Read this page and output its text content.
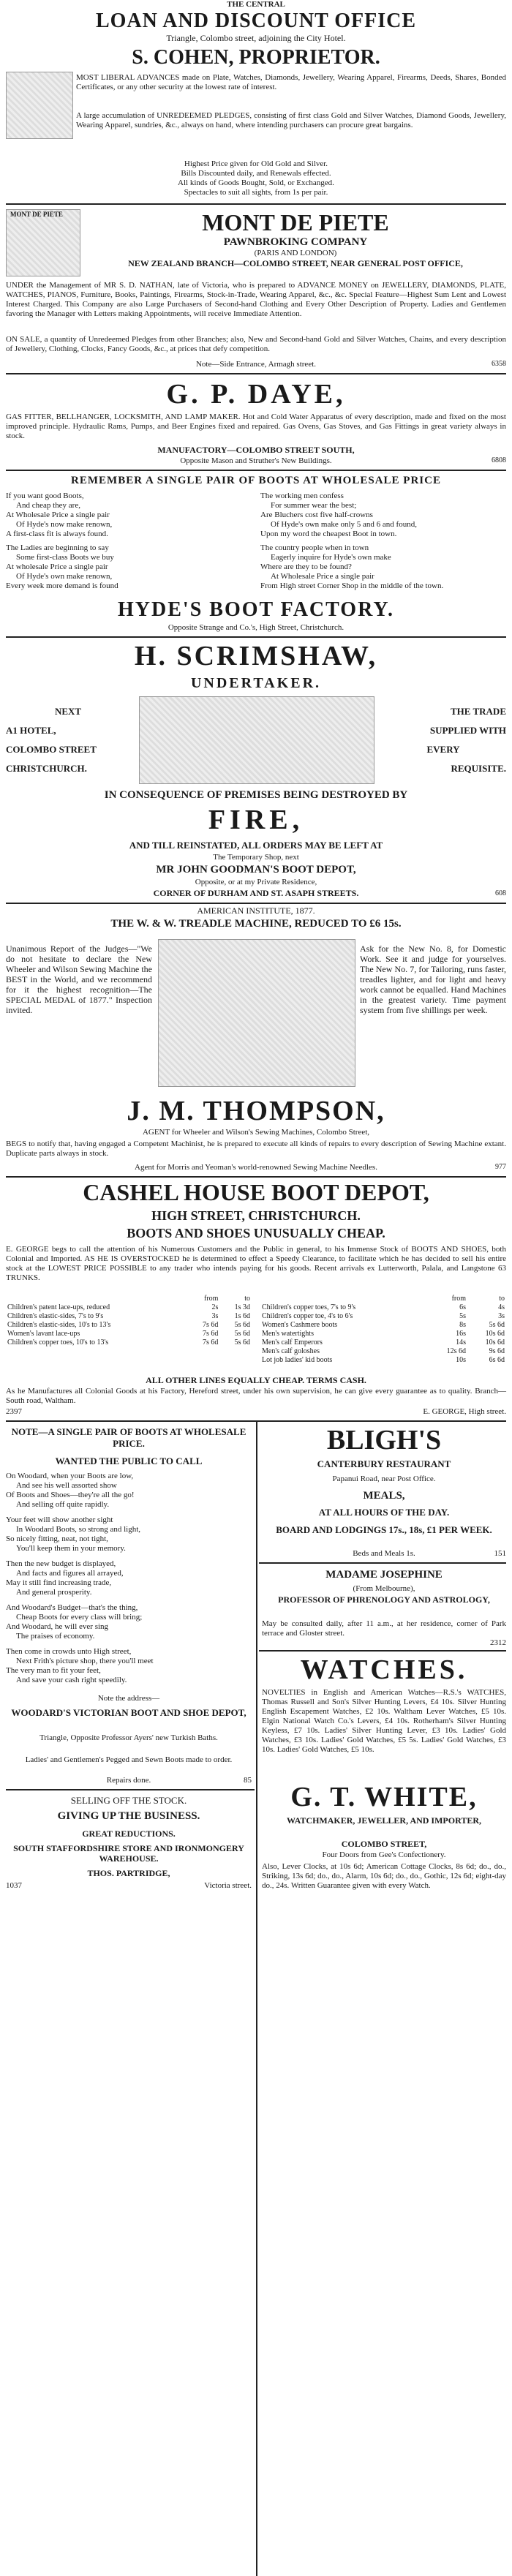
THE CENTRAL
LOAN AND DISCOUNT OFFICE
Triangle, Colombo street, adjoining the City Hotel.
S. COHEN, PROPRIETOR.
MOST LIBERAL ADVANCES made on Plate, Watches, Diamonds, Jewellery, Wearing Apparel, Firearms, Deeds, Shares, Bonded Certificates, or any other security at the lowest rate of interest.
A large accumulation of UNREDEEMED PLEDGES, consisting of first class Gold and Silver Watches, Diamond Goods, Jewellery, Wearing Apparel, sundries, &c., always on hand, where intending purchasers can procure great bargains.
Highest Price given for Old Gold and Silver.
Bills Discounted daily, and Renewals effected.
All kinds of Goods Bought, Sold, or Exchanged.
Spectacles to suit all sights, from 1s per pair.
MONT DE PIETE	MONT DE PIETE
PAWNBROKING COMPANY
(PARIS AND LONDON)
NEW ZEALAND BRANCH—COLOMBO STREET, NEAR GENERAL POST OFFICE,
UNDER the Management of MR S. D. NATHAN, late of Victoria, who is prepared to ADVANCE MONEY on JEWELLERY, DIAMONDS, PLATE, WATCHES, PIANOS, Furniture, Books, Paintings, Firearms, Stock-in-Trade, Wearing Apparel, &c., &c. Special Feature—Highest Sum Lent and Lowest Interest Charged. This Company are also Large Purchasers of Second-hand Clothing and Every Other Description of Property. Ladies and Gentlemen favoring the Manager with Letters making Appointments, will receive Immediate Attention.
ON SALE, a quantity of Unredeemed Pledges from other Branches; also, New and Second-hand Gold and Silver Watches, Chains, and every description of Jewellery, Clothing, Clocks, Fancy Goods, &c., at prices that defy competition.
Note—Side Entrance, Armagh street.	6358
G. P. DAYE,
GAS FITTER, BELLHANGER, LOCKSMITH, AND LAMP MAKER. Hot and Cold Water Apparatus of every description, made and fixed on the most improved principle. Hydraulic Rams, Pumps, and Beer Engines fixed and repaired. Gas Ovens, Gas Stoves, and Gas Fittings in great variety always in stock.
MANUFACTORY—COLOMBO STREET SOUTH,
Opposite Mason and Struther's New Buildings.	6808
REMEMBER A SINGLE PAIR OF BOOTS AT WHOLESALE PRICE
If you want good Boots,
And cheap they are,
At Wholesale Price a single pair
Of Hyde's now make renown,
A first-class fit is always found.
The Ladies are beginning to say
Some first-class Boots we buy
At wholesale Price a single pair
Of Hyde's own make renown,
Every week more demand is found
The working men confess
For summer wear the best;
Are Bluchers cost five half-crowns
Of Hyde's own make only 5 and 6 and found,
Upon my word the cheapest Boot in town.
The country people when in town
Eagerly inquire for Hyde's own make
Where are they to be found?
At Wholesale Price a single pair
From High street Corner Shop in the middle of the town.
HYDE'S BOOT FACTORY.
Opposite Strange and Co.'s, High Street, Christchurch.
H. SCRIMSHAW,
UNDERTAKER.
NEXT
A1 HOTEL,
COLOMBO STREET
CHRISTCHURCH.
THE TRADE
SUPPLIED WITH
EVERY
REQUISITE.
IN CONSEQUENCE OF PREMISES BEING DESTROYED BY
FIRE,
AND TILL REINSTATED, ALL ORDERS MAY BE LEFT AT
The Temporary Shop, next
MR JOHN GOODMAN'S BOOT DEPOT,
Opposite, or at my Private Residence,
CORNER OF DURHAM AND ST. ASAPH STREETS.	608
AMERICAN INSTITUTE, 1877.
THE W. & W. TREADLE MACHINE, REDUCED TO £6 15s.
Unanimous Report of the Judges—"We do not hesitate to declare the New Wheeler and Wilson Sewing Machine the BEST in the World, and we recommend for it the highest recognition—The SPECIAL MEDAL of 1877." Inspection invited.
Ask for the New No. 8, for Domestic Work. See it and judge for yourselves. The New No. 7, for Tailoring, runs faster, treadles lighter, and for light and heavy work cannot be equalled. Hand Machines in the greatest variety. Time payment system from five shillings per week.
J. M. THOMPSON,
AGENT for Wheeler and Wilson's Sewing Machines, Colombo Street,
BEGS to notify that, having engaged a Competent Machinist, he is prepared to execute all kinds of repairs to every description of Sewing Machine extant. Duplicate parts always in stock.
Agent for Morris and Yeoman's world-renowned Sewing Machine Needles.	977
CASHEL HOUSE BOOT DEPOT,
HIGH STREET, CHRISTCHURCH.
BOOTS AND SHOES UNUSUALLY CHEAP.
E. GEORGE begs to call the attention of his Numerous Customers and the Public in general, to his Immense Stock of BOOTS AND SHOES, both Colonial and Imported. AS HE IS OVERSTOCKED he is determined to effect a Speedy Clearance, to facilitate which he has decided to sell his entire stock at the LOWEST PRICE POSSIBLE to any trader who intends paying for his goods. Recent arrivals ex Lutterworth, Palala, and Langstone 63 TRUNKS.
	from	to
Children's patent lace-ups, reduced	2s	1s 3d
Children's elastic-sides, 7's to 9's	3s	1s 6d
Children's elastic-sides, 10's to 13's	7s 6d	5s 6d
Women's lavant lace-ups	7s 6d	5s 6d
Children's copper toes, 10's to 13's	7s 6d	5s 6d
	from	to
Children's copper toes, 7's to 9's	6s	4s
Children's copper toe, 4's to 6's	5s	3s
Women's Cashmere boots	8s	5s 6d
Men's watertights	16s	10s 6d
Men's calf Emperors	14s	10s 6d
Men's calf goloshes	12s 6d	9s 6d
Lot job ladies' kid boots	10s	6s 6d
ALL OTHER LINES EQUALLY CHEAP. TERMS CASH.
As he Manufactures all Colonial Goods at his Factory, Hereford street, under his own supervision, he can give every guarantee as to quality. Branch—South road, Waltham.
2397	E. GEORGE, High street.
NOTE—A SINGLE PAIR OF BOOTS AT WHOLESALE PRICE.
WANTED THE PUBLIC TO CALL
On Woodard, when your Boots are low,
And see his well assorted show
Of Boots and Shoes—they're all the go!
And selling off quite rapidly.
Your feet will show another sight
In Woodard Boots, so strong and light,
So nicely fitting, neat, not tight,
You'll keep them in your memory.
Then the new budget is displayed,
And facts and figures all arrayed,
May it still find increasing trade,
And general prosperity.
And Woodard's Budget—that's the thing,
Cheap Boots for every class will bring;
And Woodard, he will ever sing
The praises of economy.
Then come in crowds unto High street,
Next Frith's picture shop, there you'll meet
The very man to fit your feet,
And save your cash right speedily.
Note the address—
WOODARD'S VICTORIAN BOOT AND SHOE DEPOT,
Triangle, Opposite Professor Ayers' new Turkish Baths.
Ladies' and Gentlemen's Pegged and Sewn Boots made to order.
Repairs done.	85
SELLING OFF THE STOCK.
GIVING UP THE BUSINESS.
GREAT REDUCTIONS.
SOUTH STAFFORDSHIRE STORE AND IRONMONGERY WAREHOUSE.
THOS. PARTRIDGE,
1037	Victoria street.
BLIGH'S
CANTERBURY RESTAURANT
Papanui Road, near Post Office.
MEALS,
AT ALL HOURS OF THE DAY.
BOARD AND LODGINGS 17s., 18s, £1 PER WEEK.
Beds and Meals 1s.	151
MADAME JOSEPHINE
(From Melbourne),
PROFESSOR OF PHRENOLOGY AND ASTROLOGY,
May be consulted daily, after 11 a.m., at her residence, corner of Park terrace and Gloster street.
2312
WATCHES.
NOVELTIES in English and American Watches—R.S.'s WATCHES, Thomas Russell and Son's Silver Hunting Levers, £4 10s. Silver Hunting English Escapement Watches, £2 10s. Waltham Lever Watches, £5 10s. Elgin National Watch Co.'s Levers, £4 10s. Rotherham's Silver Hunting Keyless, £7 10s. Ladies' Silver Hunting Lever, £3 10s. Ladies' Gold Watches, £3 10s. Ladies' Gold Watches, £5 5s. Ladies' Gold Watches, £3 10s. Ladies' Gold Watches, £5 10s.
G. T. WHITE,
WATCHMAKER, JEWELLER, AND IMPORTER,
COLOMBO STREET,
Four Doors from Gee's Confectionery.
Also, Lever Clocks, at 10s 6d; American Cottage Clocks, 8s 6d; do., do., Striking, 13s 6d; do., do., Alarm, 10s 6d; do., do., Gothic, 12s 6d; eight-day do., 24s. Written Guarantee given with every Watch.
